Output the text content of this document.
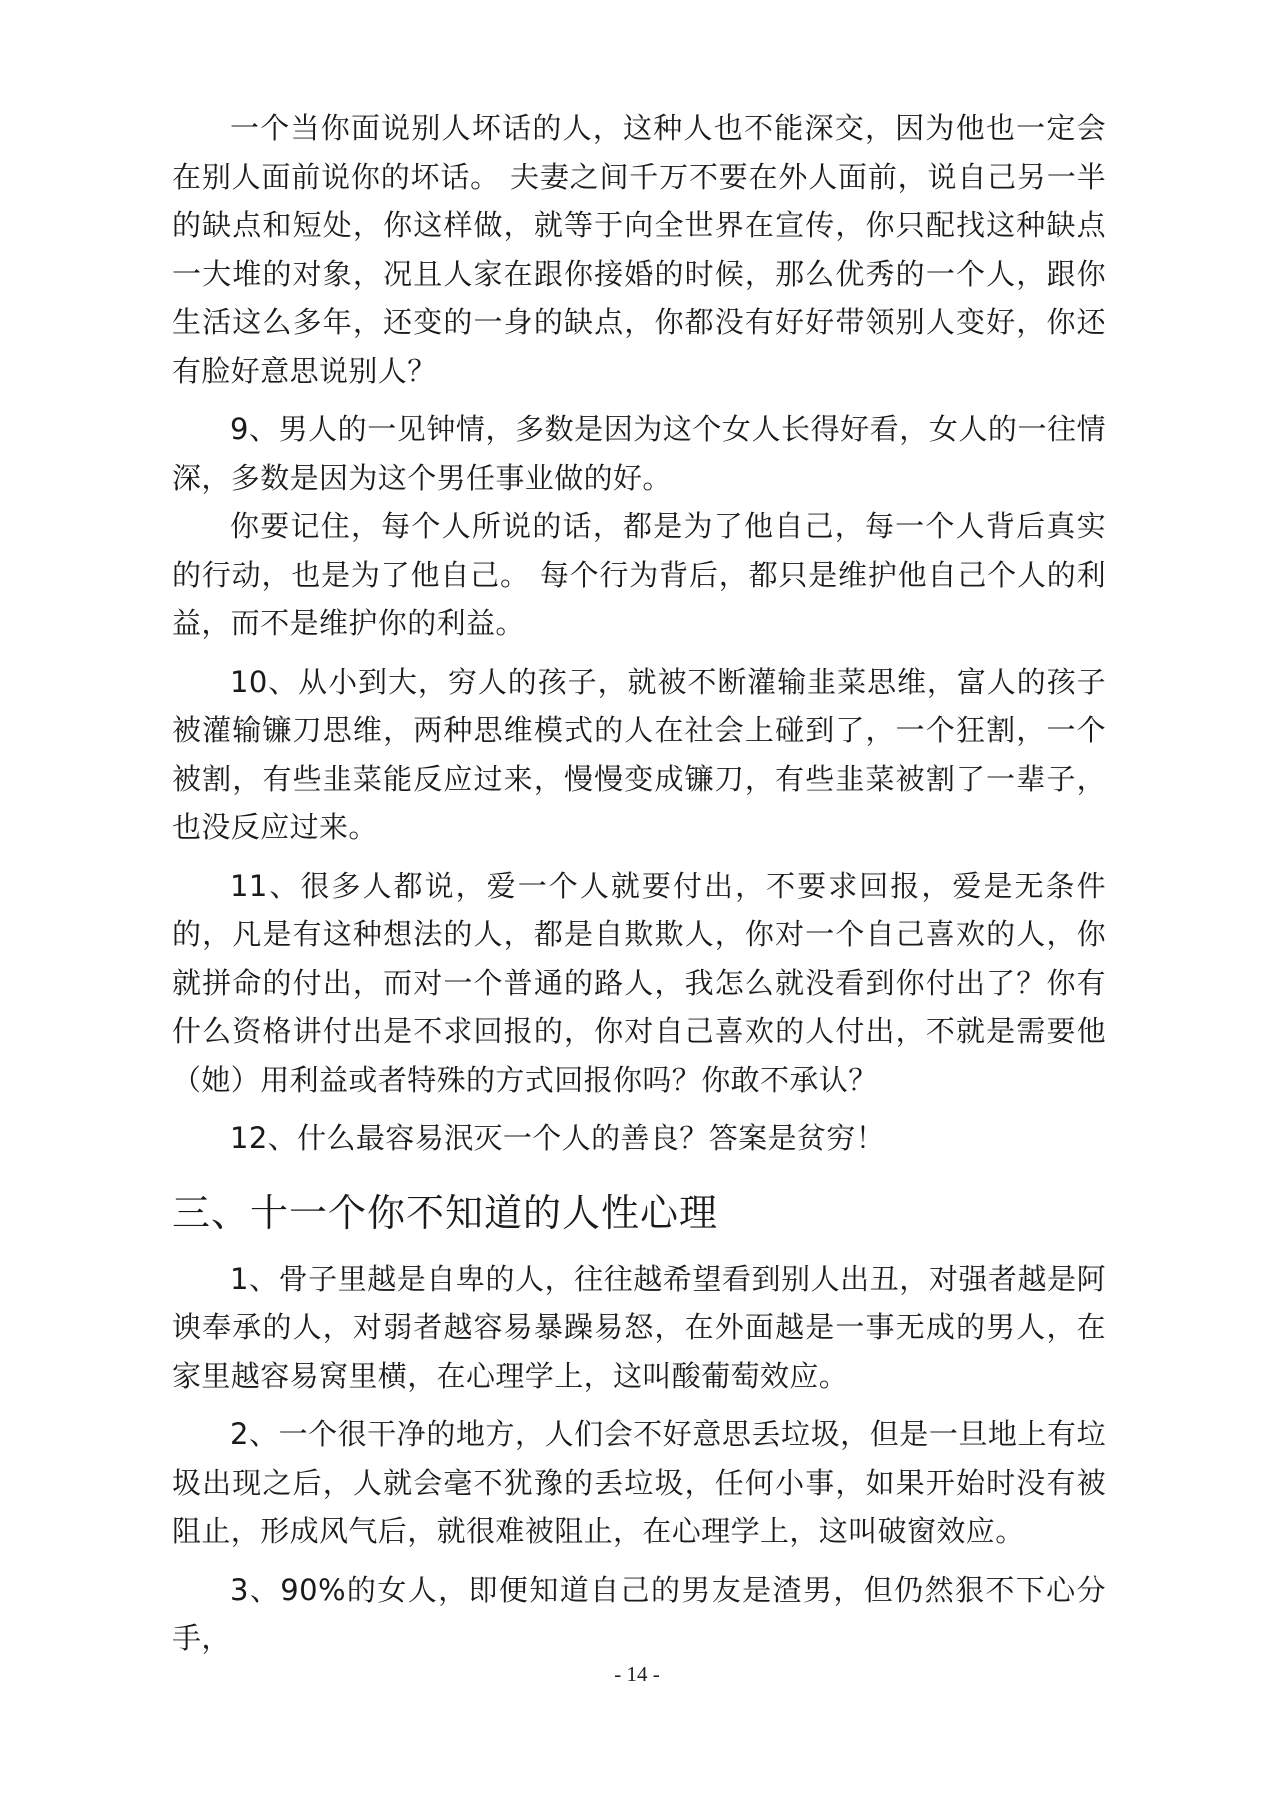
一个当你面说别人坏话的人，这种人也不能深交，因为他也一定会在别人面前说你的坏话。 夫妻之间千万不要在外人面前，说自己另一半的缺点和短处，你这样做，就等于向全世界在宣传，你只配找这种缺点一大堆的对象，况且人家在跟你接婚的时候，那么优秀的一个人，跟你生活这么多年，还变的一身的缺点，你都没有好好带领别人变好，你还有脸好意思说别人？

9、男人的一见钟情，多数是因为这个女人长得好看，女人的一往情深，多数是因为这个男任事业做的好。

你要记住，每个人所说的话，都是为了他自己，每一个人背后真实的行动，也是为了他自己。 每个行为背后，都只是维护他自己个人的利益，而不是维护你的利益。

10、从小到大，穷人的孩子，就被不断灌输韭菜思维，富人的孩子被灌输镰刀思维，两种思维模式的人在社会上碰到了，一个狂割，一个被割，有些韭菜能反应过来，慢慢变成镰刀，有些韭菜被割了一辈子，也没反应过来。

11、很多人都说，爱一个人就要付出，不要求回报，爱是无条件的，凡是有这种想法的人，都是自欺欺人，你对一个自己喜欢的人，你就拼命的付出，而对一个普通的路人，我怎么就没看到你付出了？你有什么资格讲付出是不求回报的，你对自己喜欢的人付出，不就是需要他（她）用利益或者特殊的方式回报你吗？你敢不承认？

12、什么最容易泯灭一个人的善良？答案是贫穷！

三、十一个你不知道的人性心理

1、骨子里越是自卑的人，往往越希望看到别人出丑，对强者越是阿谀奉承的人，对弱者越容易暴躁易怒，在外面越是一事无成的男人，在家里越容易窝里横，在心理学上，这叫酸葡萄效应。

2、一个很干净的地方，人们会不好意思丢垃圾，但是一旦地上有垃圾出现之后，人就会毫不犹豫的丢垃圾，任何小事，如果开始时没有被阻止，形成风气后，就很难被阻止，在心理学上，这叫破窗效应。

3、90%的女人，即便知道自己的男友是渣男，但仍然狠不下心分手，

- 14 -
